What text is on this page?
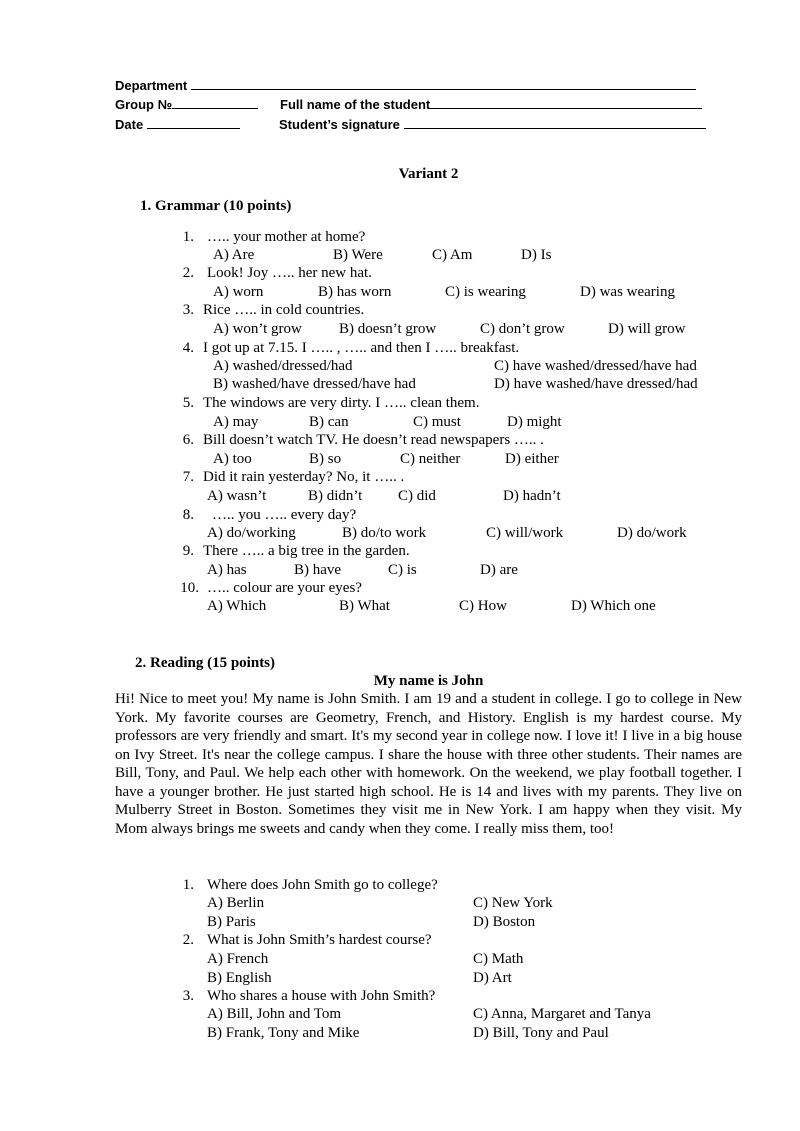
Department
Group №	Full name of the student
Date	Student’s signature
Variant 2
1. Grammar (10 points)
1. ….. your mother at home?
A) Are	B) Were	C) Am	D) Is
2. Look! Joy ….. her new hat.
A) worn	B) has worn	C) is wearing	D) was wearing
3. Rice ….. in cold countries.
A) won’t grow B) doesn’t grow	C) don’t grow	D) will grow
4. I got up at 7.15. I ….. , ….. and then I ….. breakfast.
A) washed/dressed/had	C) have washed/dressed/have had
B) washed/have dressed/have had	D) have washed/have dressed/had
5. The windows are very dirty. I ….. clean them.
A) may	B) can	C) must	D) might
6. Bill doesn’t watch TV. He doesn’t read newspapers ….. .
A) too	B) so	C) neither	D) either
7. Did it rain yesterday? No, it ….. .
A) wasn’t	B) didn’t C) did	D) hadn’t
8. ….. you ….. every day?
A) do/working	B) do/to work	C) will/work	D) do/work
9. There ….. a big tree in the garden.
A) has	B) have	C) is	D) are
10. ….. colour are your eyes?
A) Which	B) What	C) How	D) Which one
2. Reading (15 points)
My name is John
Hi! Nice to meet you! My name is John Smith. I am 19 and a student in college. I go to college in New York. My favorite courses are Geometry, French, and History. English is my hardest course. My professors are very friendly and smart. It's my second year in college now. I love it! I live in a big house on Ivy Street. It's near the college campus. I share the house with three other students. Their names are Bill, Tony, and Paul. We help each other with homework. On the weekend, we play football together. I have a younger brother. He just started high school. He is 14 and lives with my parents. They live on Mulberry Street in Boston. Sometimes they visit me in New York. I am happy when they visit. My Mom always brings me sweets and candy when they come. I really miss them, too!
1. Where does John Smith go to college?
A) Berlin	C) New York
B) Paris	D) Boston
2. What is John Smith’s hardest course?
A) French	C) Math
B) English	D) Art
3. Who shares a house with John Smith?
A) Bill, John and Tom	C) Anna, Margaret and Tanya
B) Frank, Tony and Mike	D) Bill, Tony and Paul
